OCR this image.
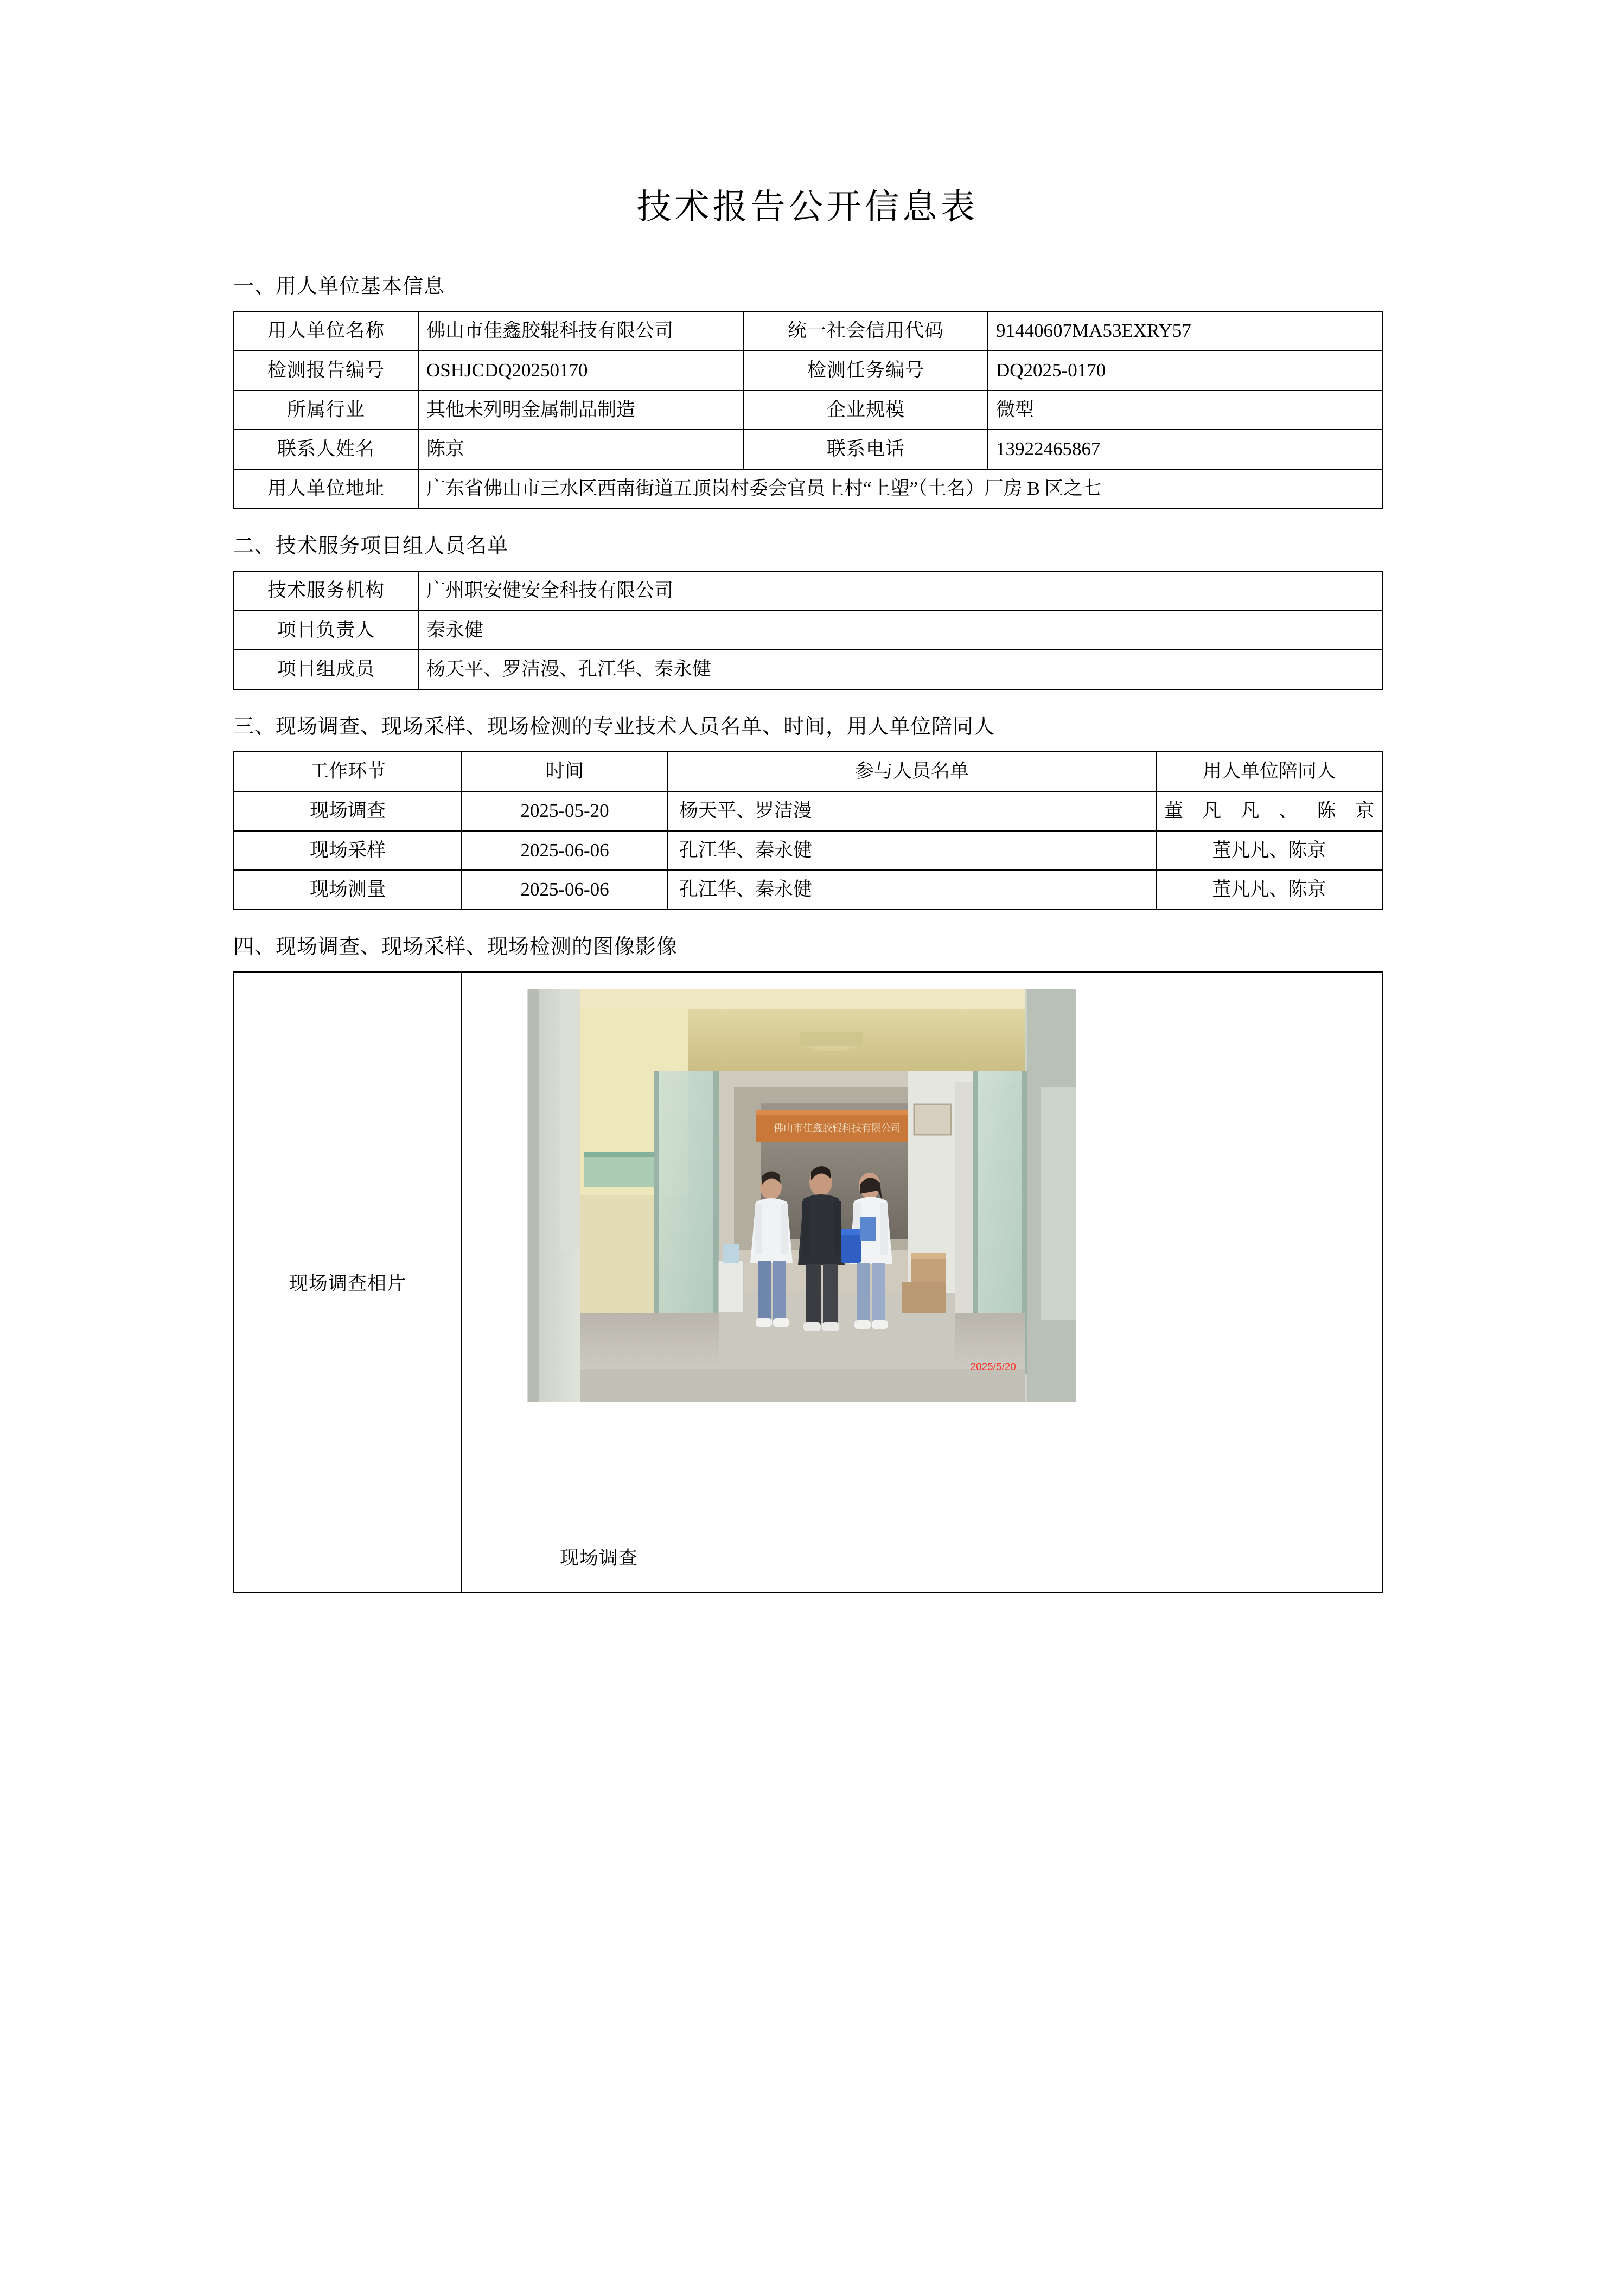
技术报告公开信息表
一、用人单位基本信息
用人单位名称	佛山市佳鑫胶辊科技有限公司	统一社会信用代码	91440607MA53EXRY57
检测报告编号	OSHJCDQ20250170	检测任务编号	DQ2025-0170
所属行业	其他未列明金属制品制造	企业规模	微型
联系人姓名	陈京	联系电话	13922465867
用人单位地址	广东省佛山市三水区西南街道五顶岗村委会官员上村“上塱”（土名）厂房 B 区之七		
二、技术服务项目组人员名单
技术服务机构	广州职安健安全科技有限公司
项目负责人	秦永健
项目组成员	杨天平、罗洁漫、孔江华、秦永健
三、现场调查、现场采样、现场检测的专业技术人员名单、时间，用人单位陪同人
工作环节	时间	参与人员名单	用人单位陪同人
现场调查	2025-05-20	杨天平、罗洁漫	董凡凡、陈京
现场采样	2025-06-06	孔江华、秦永健	董凡凡、陈京
现场测量	2025-06-06	孔江华、秦永健	董凡凡、陈京
四、现场调查、现场采样、现场检测的图像影像
现场调查相片	
佛山市佳鑫胶辊科技有限公司
2025/5/20
现场调查
